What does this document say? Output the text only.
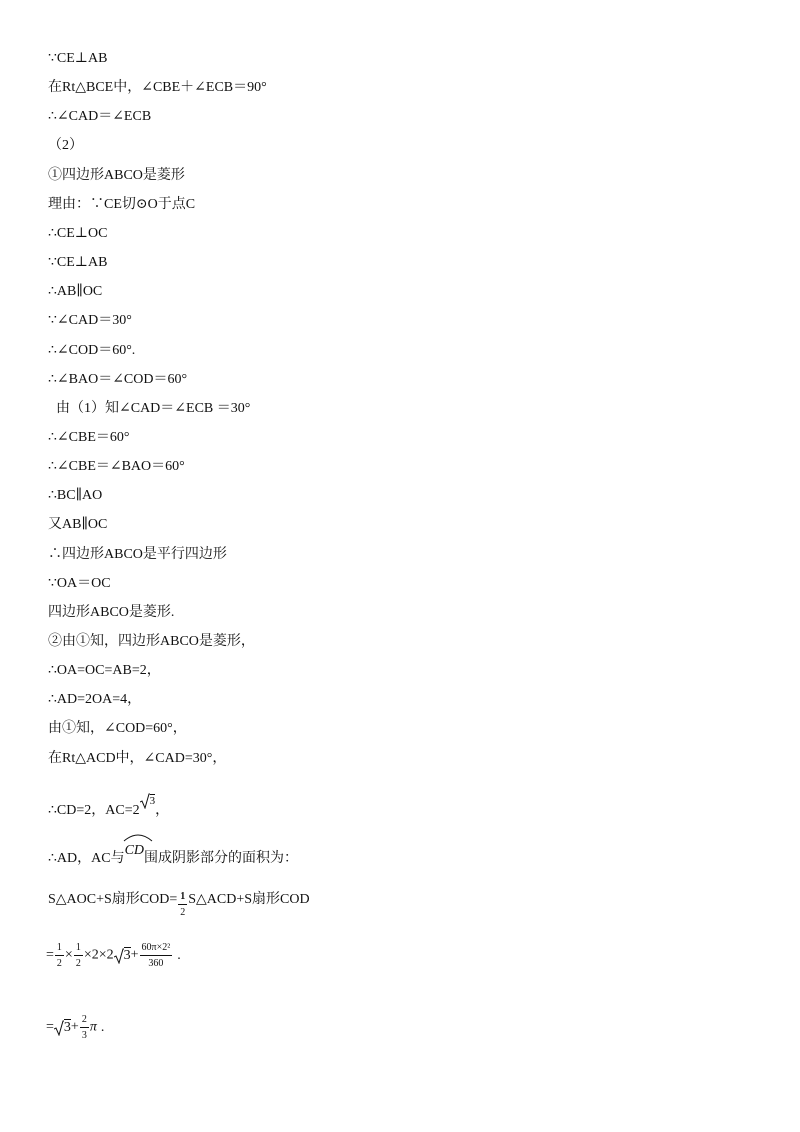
∵CE⊥AB
在Rt△BCE中，∠CBE＋∠ECB＝90°
∴∠CAD＝∠ECB
（2）
①四边形ABCO是菱形
理由：∵CE切⊙O于点C
∴CE⊥OC
∵CE⊥AB
∴AB∥OC
∵∠CAD＝30°
∴∠COD＝60°.
∴∠BAO＝∠COD＝60°
由（1）知∠CAD＝∠ECB ＝30°
∴∠CBE＝60°
∴∠CBE＝∠BAO＝60°
∴BC∥AO
又AB∥OC
∴四边形ABCO是平行四边形
∵OA＝OC
四边形ABCO是菱形.
②由①知，四边形ABCO是菱形，
∴OA=OC=AB=2，
∴AD=2OA=4，
由①知，∠COD=60°，
在Rt△ACD中，∠CAD=30°，
∴CD=2，AC=23，
∴AD，AC与
CD围成阴影部分的面积为：
S△AOC+S扇形$COD= \frac{1}{2}$ S△ACD+S扇形COD
= $\frac{1}{2} \times \frac{1}{2} \times 2\times 2$ $3+ \frac{\text{60π×2²}}{360}$ .
= $3+ \frac{2}{3}$ π .
